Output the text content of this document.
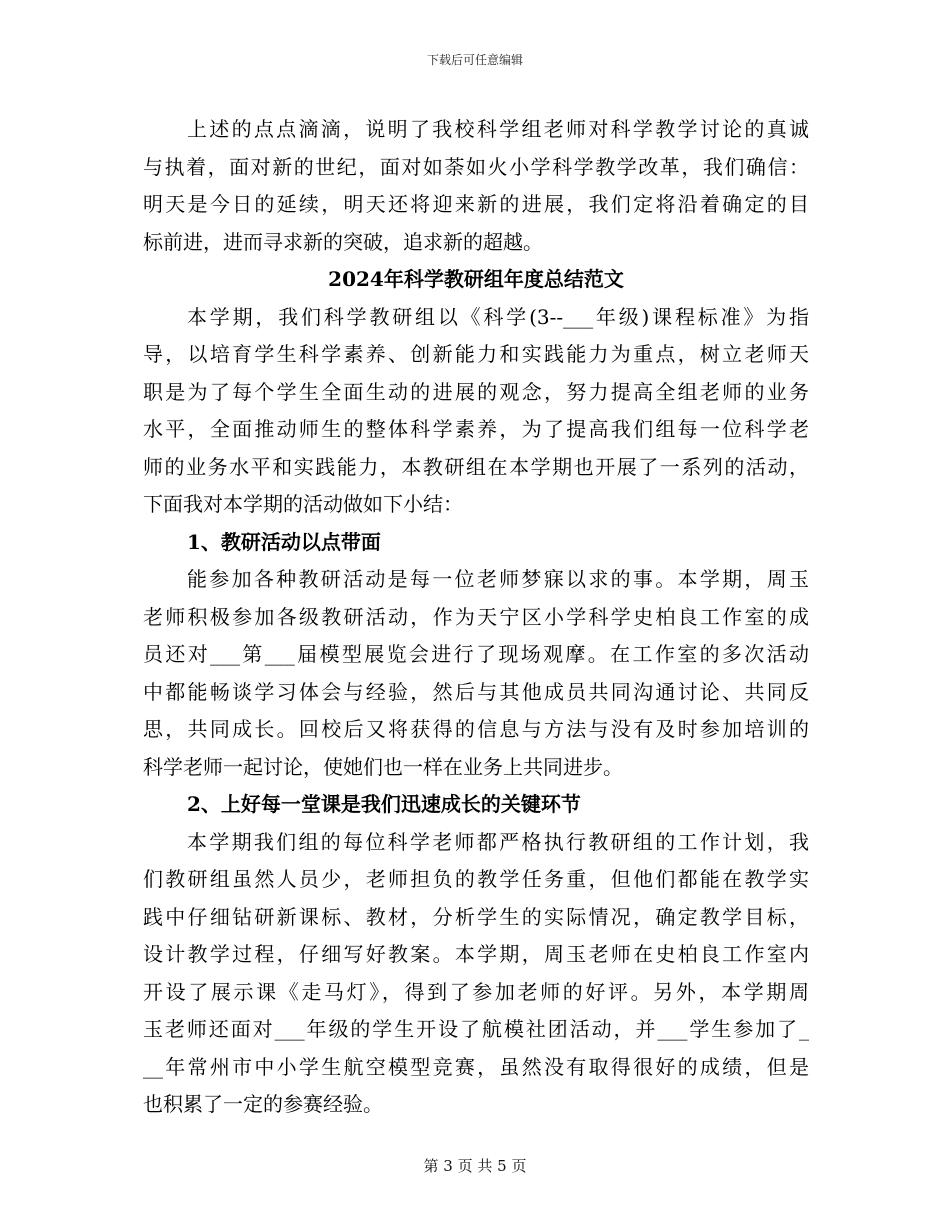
下载后可任意编辑
上述的点点滴滴，说明了我校科学组老师对科学教学讨论的真诚
与执着，面对新的世纪，面对如荼如火小学科学教学改革，我们确信：
明天是今日的延续，明天还将迎来新的进展，我们定将沿着确定的目
标前进，进而寻求新的突破，追求新的超越。
2024年科学教研组年度总结范文
本学期，我们科学教研组以《科学(3--___年级)课程标准》为指
导，以培育学生科学素养、创新能力和实践能力为重点，树立老师天
职是为了每个学生全面生动的进展的观念，努力提高全组老师的业务
水平，全面推动师生的整体科学素养，为了提高我们组每一位科学老
师的业务水平和实践能力，本教研组在本学期也开展了一系列的活动，
下面我对本学期的活动做如下小结：
1、教研活动以点带面
能参加各种教研活动是每一位老师梦寐以求的事。本学期，周玉
老师积极参加各级教研活动，作为天宁区小学科学史柏良工作室的成
员还对___第___届模型展览会进行了现场观摩。在工作室的多次活动
中都能畅谈学习体会与经验，然后与其他成员共同沟通讨论、共同反
思，共同成长。回校后又将获得的信息与方法与没有及时参加培训的
科学老师一起讨论，使她们也一样在业务上共同进步。
2、上好每一堂课是我们迅速成长的关键环节
本学期我们组的每位科学老师都严格执行教研组的工作计划，我
们教研组虽然人员少，老师担负的教学任务重，但他们都能在教学实
践中仔细钻研新课标、教材，分析学生的实际情况，确定教学目标，
设计教学过程，仔细写好教案。本学期，周玉老师在史柏良工作室内
开设了展示课《走马灯》，得到了参加老师的好评。另外，本学期周
玉老师还面对___年级的学生开设了航模社团活动，并___学生参加了_
__年常州市中小学生航空模型竞赛，虽然没有取得很好的成绩，但是
也积累了一定的参赛经验。
第 3 页 共 5 页
